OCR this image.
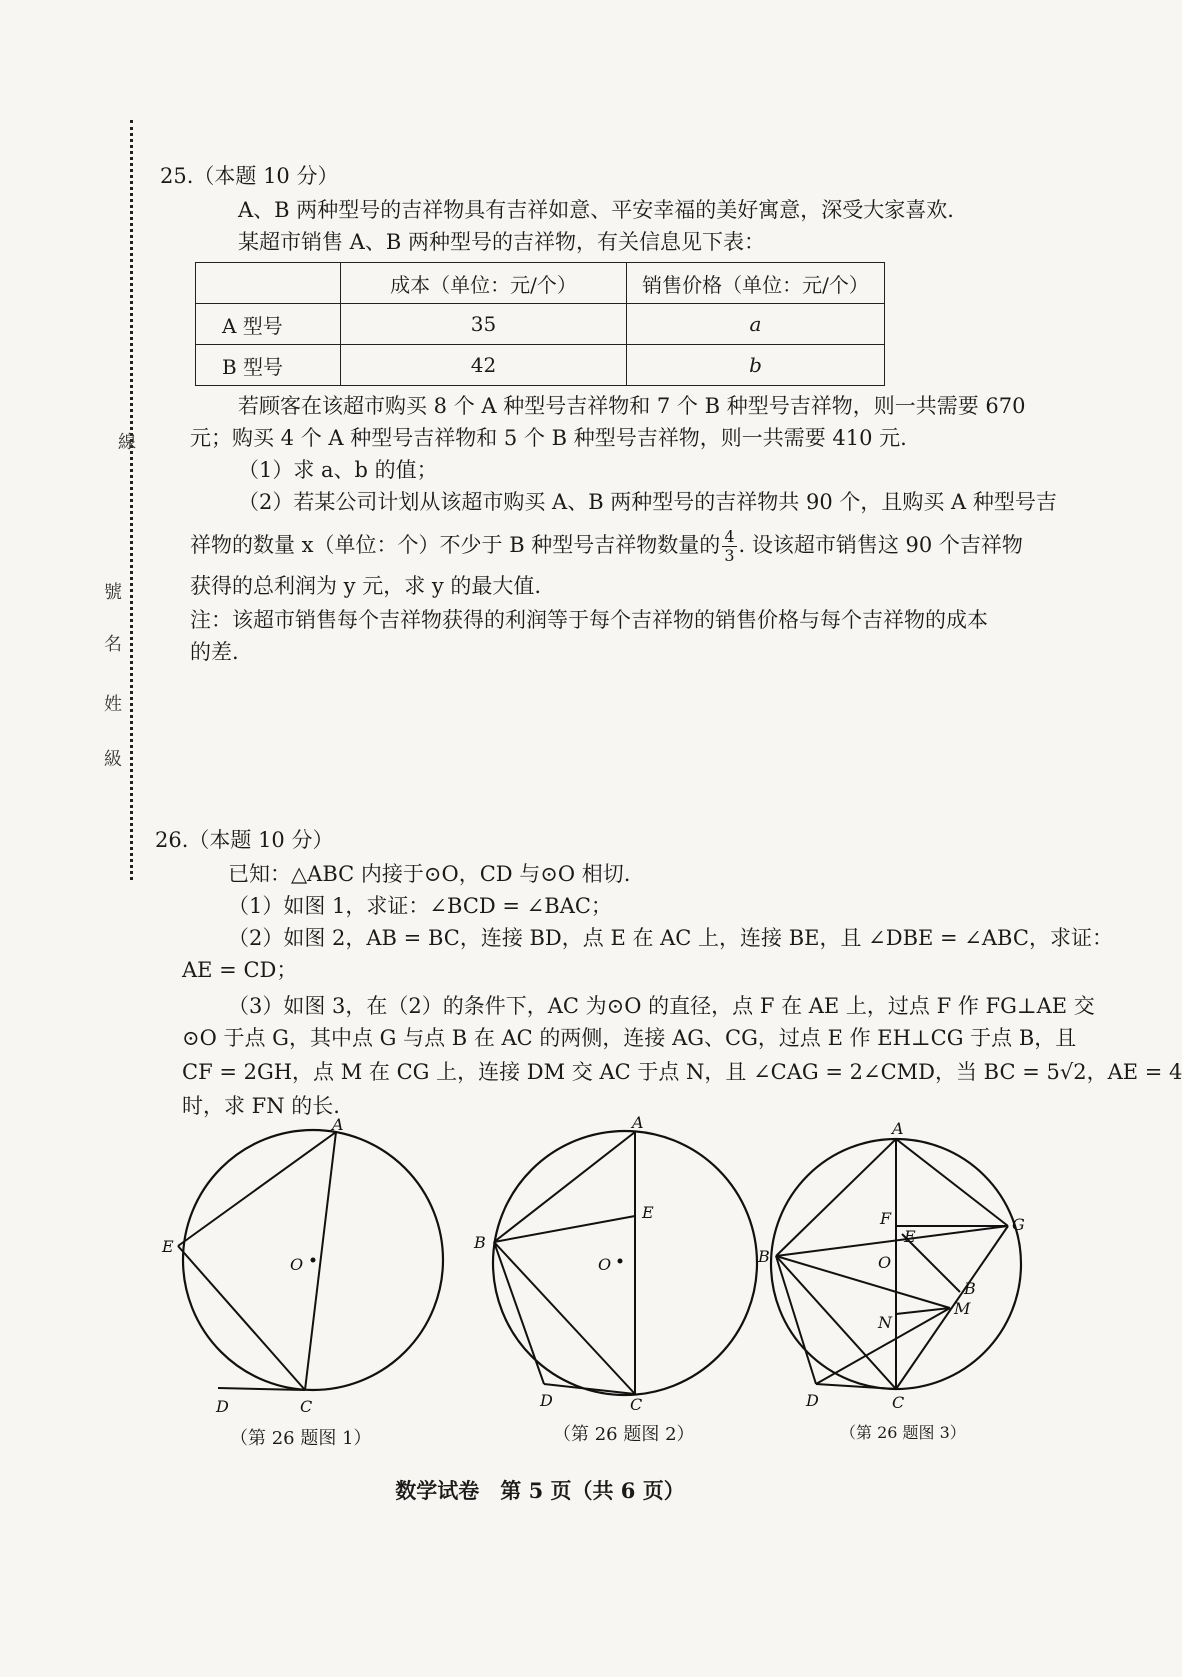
線
號
名
姓
級
25.（本题 10 分）
A、B 两种型号的吉祥物具有吉祥如意、平安幸福的美好寓意，深受大家喜欢.
某超市销售 A、B 两种型号的吉祥物，有关信息见下表：
	成本（单位：元/个）	销售价格（单位：元/个）
A 型号	35	a
B 型号	42	b
若顾客在该超市购买 8 个 A 种型号吉祥物和 7 个 B 种型号吉祥物，则一共需要 670
元；购买 4 个 A 种型号吉祥物和 5 个 B 种型号吉祥物，则一共需要 410 元.
（1）求 a、b 的值；
（2）若某公司计划从该超市购买 A、B 两种型号的吉祥物共 90 个，且购买 A 种型号吉
祥物的数量 x（单位：个）不少于 B 种型号吉祥物数量的 $\frac{4}{3}$ . 设该超市销售这 90 个吉祥物
获得的总利润为 y 元，求 y 的最大值.
注：该超市销售每个吉祥物获得的利润等于每个吉祥物的销售价格与每个吉祥物的成本
的差.
26.（本题 10 分）
已知：△ABC 内接于⊙O，CD 与⊙O 相切.
（1）如图 1，求证：∠BCD = ∠BAC；
（2）如图 2，AB = BC，连接 BD，点 E 在 AC 上，连接 BE，且 ∠DBE = ∠ABC，求证：
AE = CD；
（3）如图 3，在（2）的条件下，AC 为⊙O 的直径，点 F 在 AE 上，过点 F 作 FG⊥AE 交
⊙O 于点 G，其中点 G 与点 B 在 AC 的两侧，连接 AG、CG，过点 E 作 EH⊥CG 于点 B，且
CF = 2GH，点 M 在 CG 上，连接 DM 交 AC 于点 N，且 ∠CAG = 2∠CMD，当 BC = 5√2，AE = 4
时，求 FN 的长.
A
E
O
D	C
（第 26 题图 1）
A
E
B
O
D	C
（第 26 题图 2）
A
F
E
G
B	O
B
M
N
D	C
（第 26 题图 3）
数学试卷　第 5 页（共 6 页）
